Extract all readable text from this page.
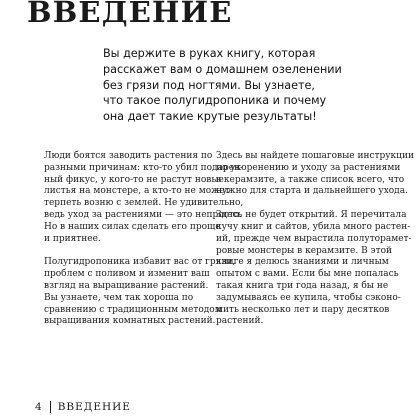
ВВЕДЕНИЕ
Вы держите в руках книгу, которая
расскажет вам о домашнем озеленении
без грязи под ногтями. Вы узнаете,
что такое полугидропоника и почему
она дает такие крутые результаты!

Люди боятся заводить растения по
разными причинам: кто-то убил подарен-
ный фикус, у кого-то не растут новые
листья на монстере, а кто-то не может
терпеть возню с землей. Не удивительно,
ведь уход за растениями — это непросто.
Но в наших силах сделать его проще
и приятнее.

Полугидропоника избавит вас от грязи,
проблем с поливом и изменит ваш
взгляд на выращивание растений.
Вы узнаете, чем так хороша по
сравнению с традиционным методом
выращивания комнатных растений.

Здесь вы найдете пошаговые инструкции
по укоренению и уходу за растениями
в керамзите, а также список всего, что
нужно для старта и дальнейшего ухода.

Здесь не будет открытий. Я перечитала
кучу книг и сайтов, убила много растен-
ий, прежде чем вырастила полуторамет-
ровые монстеры в керамзите. В этой
книге я делюсь знаниями и личным
опытом с вами. Если бы мне попалась
такая книга три года назад, я бы не
задумываясь ее купила, чтобы сэконо-
мить несколько лет и пару десятков
растений.

4 ВВЕДЕНИЕ
